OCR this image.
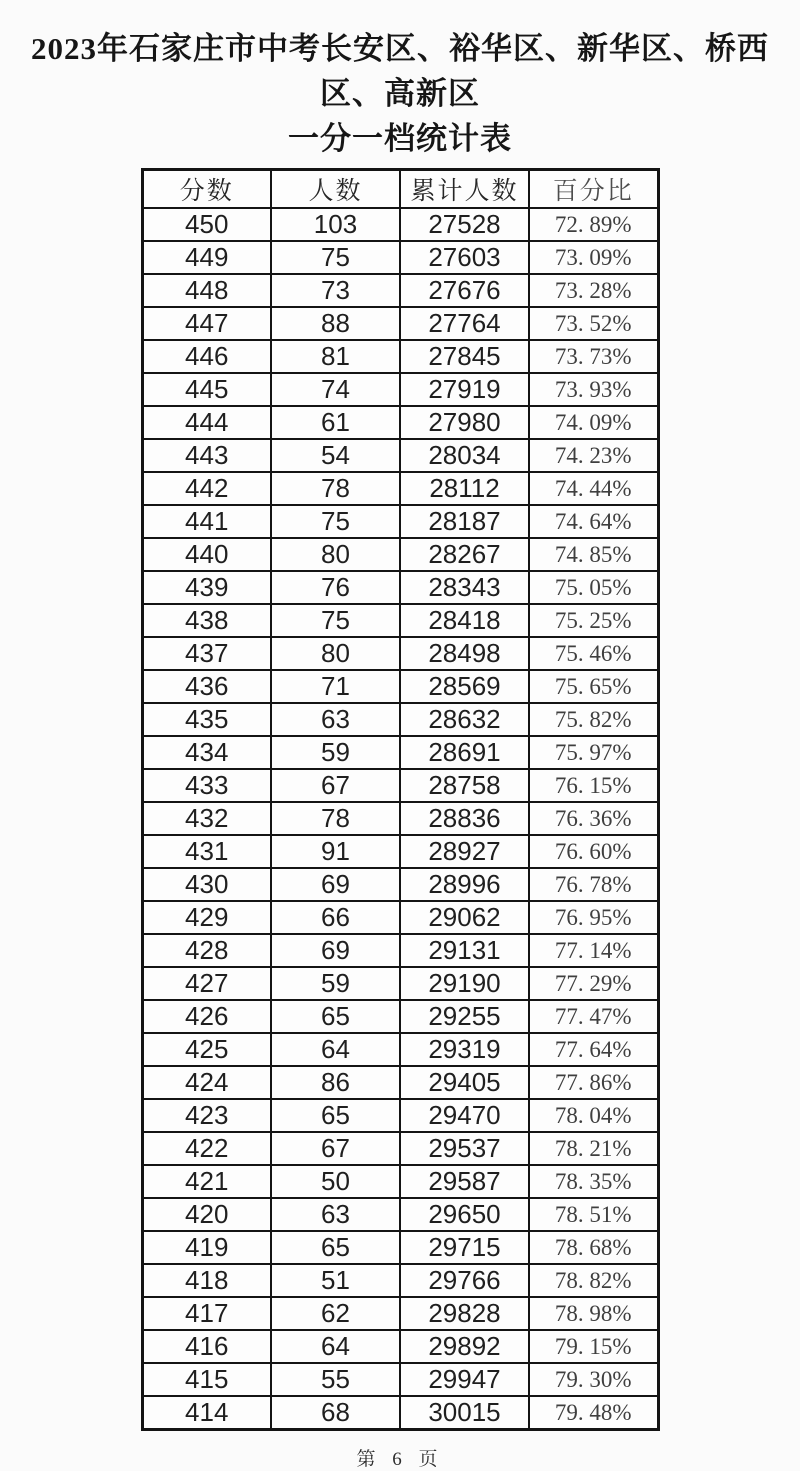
2023年石家庄市中考长安区、裕华区、新华区、桥西区、高新区
一分一档统计表
分数	人数	累计人数	百分比
450	103	27528	72. 89%
449	75	27603	73. 09%
448	73	27676	73. 28%
447	88	27764	73. 52%
446	81	27845	73. 73%
445	74	27919	73. 93%
444	61	27980	74. 09%
443	54	28034	74. 23%
442	78	28112	74. 44%
441	75	28187	74. 64%
440	80	28267	74. 85%
439	76	28343	75. 05%
438	75	28418	75. 25%
437	80	28498	75. 46%
436	71	28569	75. 65%
435	63	28632	75. 82%
434	59	28691	75. 97%
433	67	28758	76. 15%
432	78	28836	76. 36%
431	91	28927	76. 60%
430	69	28996	76. 78%
429	66	29062	76. 95%
428	69	29131	77. 14%
427	59	29190	77. 29%
426	65	29255	77. 47%
425	64	29319	77. 64%
424	86	29405	77. 86%
423	65	29470	78. 04%
422	67	29537	78. 21%
421	50	29587	78. 35%
420	63	29650	78. 51%
419	65	29715	78. 68%
418	51	29766	78. 82%
417	62	29828	78. 98%
416	64	29892	79. 15%
415	55	29947	79. 30%
414	68	30015	79. 48%
第 6 页
